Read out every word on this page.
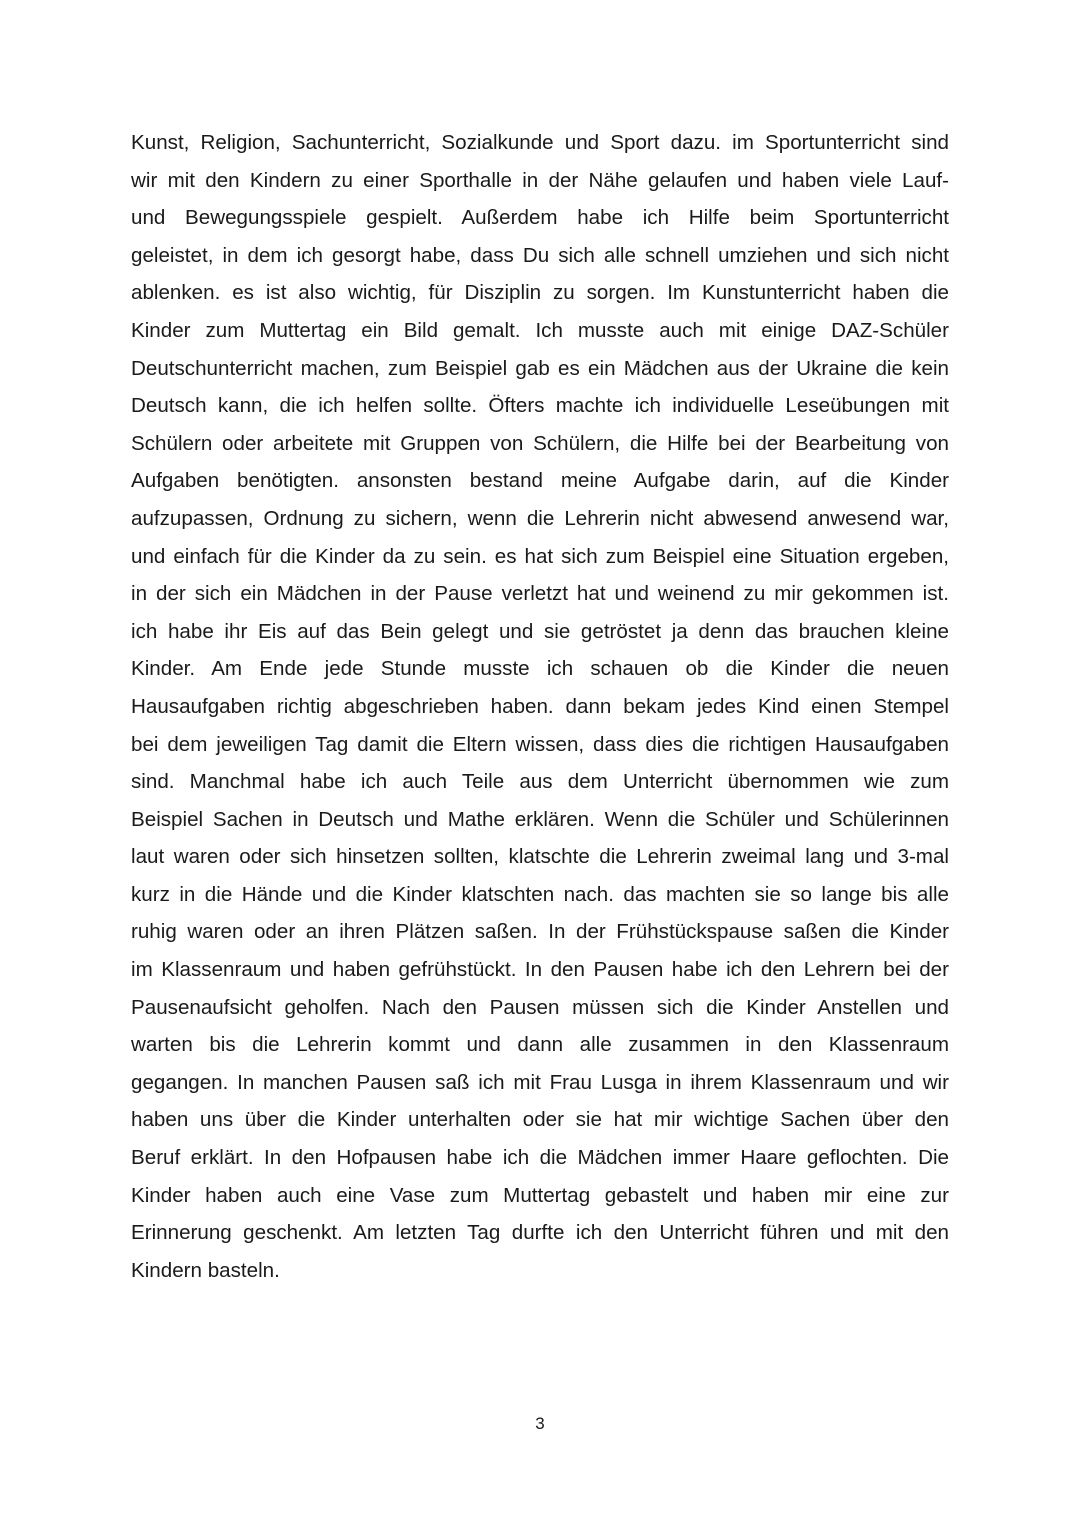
Kunst, Religion, Sachunterricht, Sozialkunde und Sport dazu. im Sportunterricht sind
wir mit den Kindern zu einer Sporthalle in der Nähe gelaufen und haben viele Lauf-
und Bewegungsspiele gespielt. Außerdem habe ich Hilfe beim Sportunterricht
geleistet, in dem ich gesorgt habe, dass Du sich alle schnell umziehen und sich nicht
ablenken. es ist also wichtig, für Disziplin zu sorgen. Im Kunstunterricht haben die
Kinder zum Muttertag ein Bild gemalt. Ich musste auch mit einige DAZ-Schüler
Deutschunterricht machen, zum Beispiel gab es ein Mädchen aus der Ukraine die kein
Deutsch kann, die ich helfen sollte. Öfters machte ich individuelle Leseübungen mit
Schülern oder arbeitete mit Gruppen von Schülern, die Hilfe bei der Bearbeitung von
Aufgaben benötigten. ansonsten bestand meine Aufgabe darin, auf die Kinder
aufzupassen, Ordnung zu sichern, wenn die Lehrerin nicht abwesend anwesend war,
und einfach für die Kinder da zu sein. es hat sich zum Beispiel eine Situation ergeben,
in der sich ein Mädchen in der Pause verletzt hat und weinend zu mir gekommen ist.
ich habe ihr Eis auf das Bein gelegt und sie getröstet ja denn das brauchen kleine
Kinder. Am Ende jede Stunde musste ich schauen ob die Kinder die neuen
Hausaufgaben richtig abgeschrieben haben. dann bekam jedes Kind einen Stempel
bei dem jeweiligen Tag damit die Eltern wissen, dass dies die richtigen Hausaufgaben
sind. Manchmal habe ich auch Teile aus dem Unterricht übernommen wie zum
Beispiel Sachen in Deutsch und Mathe erklären. Wenn die Schüler und Schülerinnen
laut waren oder sich hinsetzen sollten, klatschte die Lehrerin zweimal lang und 3-mal
kurz in die Hände und die Kinder klatschten nach. das machten sie so lange bis alle
ruhig waren oder an ihren Plätzen saßen. In der Frühstückspause saßen die Kinder
im Klassenraum und haben gefrühstückt. In den Pausen habe ich den Lehrern bei der
Pausenaufsicht geholfen. Nach den Pausen müssen sich die Kinder Anstellen und
warten bis die Lehrerin kommt und dann alle zusammen in den Klassenraum
gegangen. In manchen Pausen saß ich mit Frau Lusga in ihrem Klassenraum und wir
haben uns über die Kinder unterhalten oder sie hat mir wichtige Sachen über den
Beruf erklärt. In den Hofpausen habe ich die Mädchen immer Haare geflochten. Die
Kinder haben auch eine Vase zum Muttertag gebastelt und haben mir eine zur
Erinnerung geschenkt. Am letzten Tag durfte ich den Unterricht führen und mit den
Kindern basteln.
3
